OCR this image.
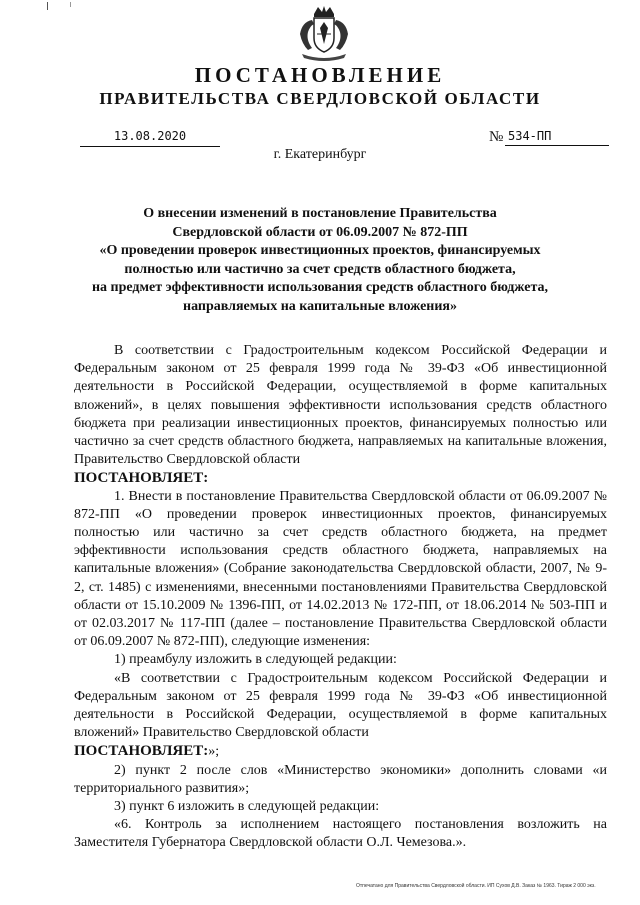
ПОСТАНОВЛЕНИЕ
ПРАВИТЕЛЬСТВА СВЕРДЛОВСКОЙ ОБЛАСТИ
13.08.2020	№ 534-ПП
г. Екатеринбург
О внесении изменений в постановление Правительства
Свердловской области от 06.09.2007 № 872-ПП
«О проведении проверок инвестиционных проектов, финансируемых
полностью или частично за счет средств областного бюджета,
на предмет эффективности использования средств областного бюджета,
направляемых на капитальные вложения»

В соответствии с Градостроительным кодексом Российской Федерации и Федеральным законом от 25 февраля 1999 года № 39-ФЗ «Об инвестиционной деятельности в Российской Федерации, осуществляемой в форме капитальных вложений», в целях повышения эффективности использования средств областного бюджета при реализации инвестиционных проектов, финансируемых полностью или частично за счет средств областного бюджета, направляемых на капитальные вложения, Правительство Свердловской области

ПОСТАНОВЛЯЕТ:

1. Внести в постановление Правительства Свердловской области от 06.09.2007 № 872-ПП «О проведении проверок инвестиционных проектов, финансируемых полностью или частично за счет средств областного бюджета, на предмет эффективности использования средств областного бюджета, направляемых на капитальные вложения» (Собрание законодательства Свердловской области, 2007, № 9-2, ст. 1485) с изменениями, внесенными постановлениями Правительства Свердловской области от 15.10.2009 № 1396-ПП, от 14.02.2013 № 172-ПП, от 18.06.2014 № 503-ПП и от 02.03.2017 № 117-ПП (далее – постановление Правительства Свердловской области от 06.09.2007 № 872-ПП), следующие изменения:

1) преамбулу изложить в следующей редакции:

«В соответствии с Градостроительным кодексом Российской Федерации и Федеральным законом от 25 февраля 1999 года № 39-ФЗ «Об инвестиционной деятельности в Российской Федерации, осуществляемой в форме капитальных вложений» Правительство Свердловской области

ПОСТАНОВЛЯЕТ:»;

2) пункт 2 после слов «Министерство экономики» дополнить словами «и территориального развития»;

3) пункт 6 изложить в следующей редакции:

«6. Контроль за исполнением настоящего постановления возложить на Заместителя Губернатора Свердловской области О.Л. Чемезова.».

Отпечатано для Правительства Свердловской области. ИП Сухов Д.В. Заказ № 1963. Тираж 2 000 экз.
